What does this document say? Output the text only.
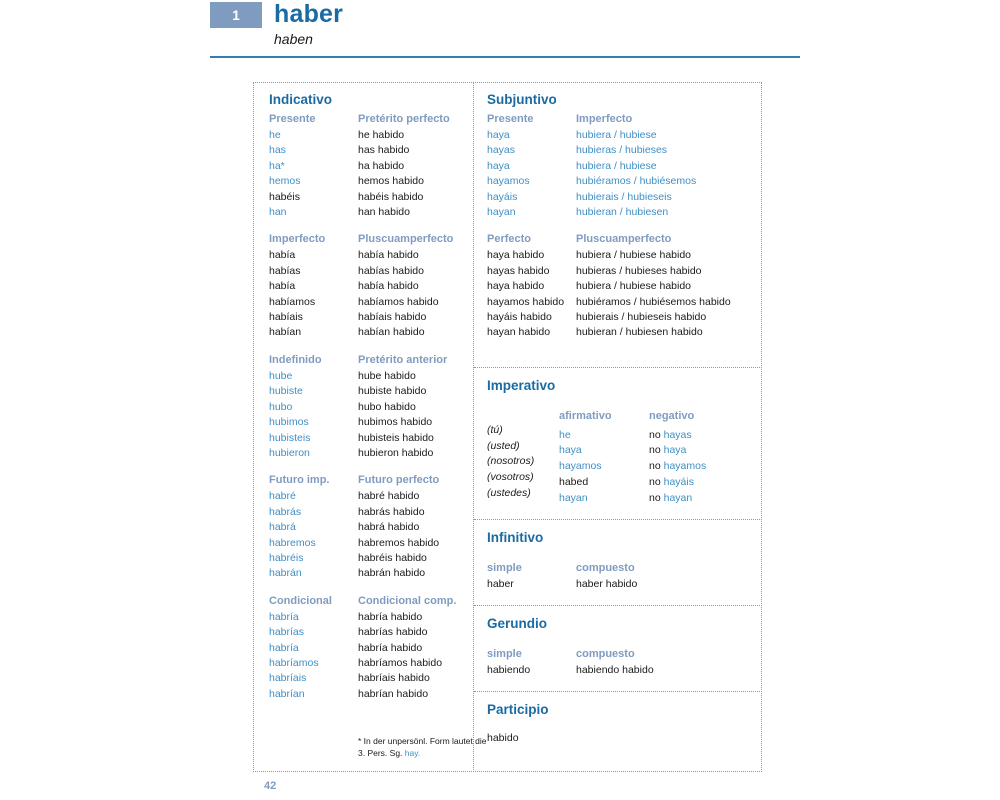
1	haber
haben
Indicativo
Presente
he
has
ha*
hemos
habéis
han
Pretérito perfecto
he habido
has habido
ha habido
hemos habido
habéis habido
han habido
Imperfecto
había
habías
había
habíamos
habíais
habían
Pluscuamperfecto
había habido
habías habido
había habido
habíamos habido
habíais habido
habían habido
Indefinido
hube
hubiste
hubo
hubimos
hubisteis
hubieron
Pretérito anterior
hube habido
hubiste habido
hubo habido
hubimos habido
hubisteis habido
hubieron habido
Futuro imp.
habré
habrás
habrá
habremos
habréis
habrán
Futuro perfecto
habré habido
habrás habido
habrá habido
habremos habido
habréis habido
habrán habido
Condicional
habría
habrías
habría
habríamos
habríais
habrían
Condicional comp.
habría habido
habrías habido
habría habido
habríamos habido
habríais habido
habrían habido
* In der unpersönl. Form lautet die
3. Pers. Sg. hay.
Subjuntivo
Presente
haya
hayas
haya
hayamos
hayáis
hayan
Imperfecto
hubiera / hubiese
hubieras / hubieses
hubiera / hubiese
hubiéramos / hubiésemos
hubierais / hubieseis
hubieran / hubiesen
Perfecto
haya habido
hayas habido
haya habido
hayamos habido
hayáis habido
hayan habido
Pluscuamperfecto
hubiera / hubiese habido
hubieras / hubieses habido
hubiera / hubiese habido
hubiéramos / hubiésemos habido
hubierais / hubieseis habido
hubieran / hubiesen habido
Imperativo
(tú)
(usted)
(nosotros)
(vosotros)
(ustedes)
afirmativo
he
haya
hayamos
habed
hayan
negativo
no hayas
no haya
no hayamos
no hayáis
no hayan
Infinitivo
simple
haber
compuesto
haber habido
Gerundio
simple
habiendo
compuesto
habiendo habido
Participio
habido
42
